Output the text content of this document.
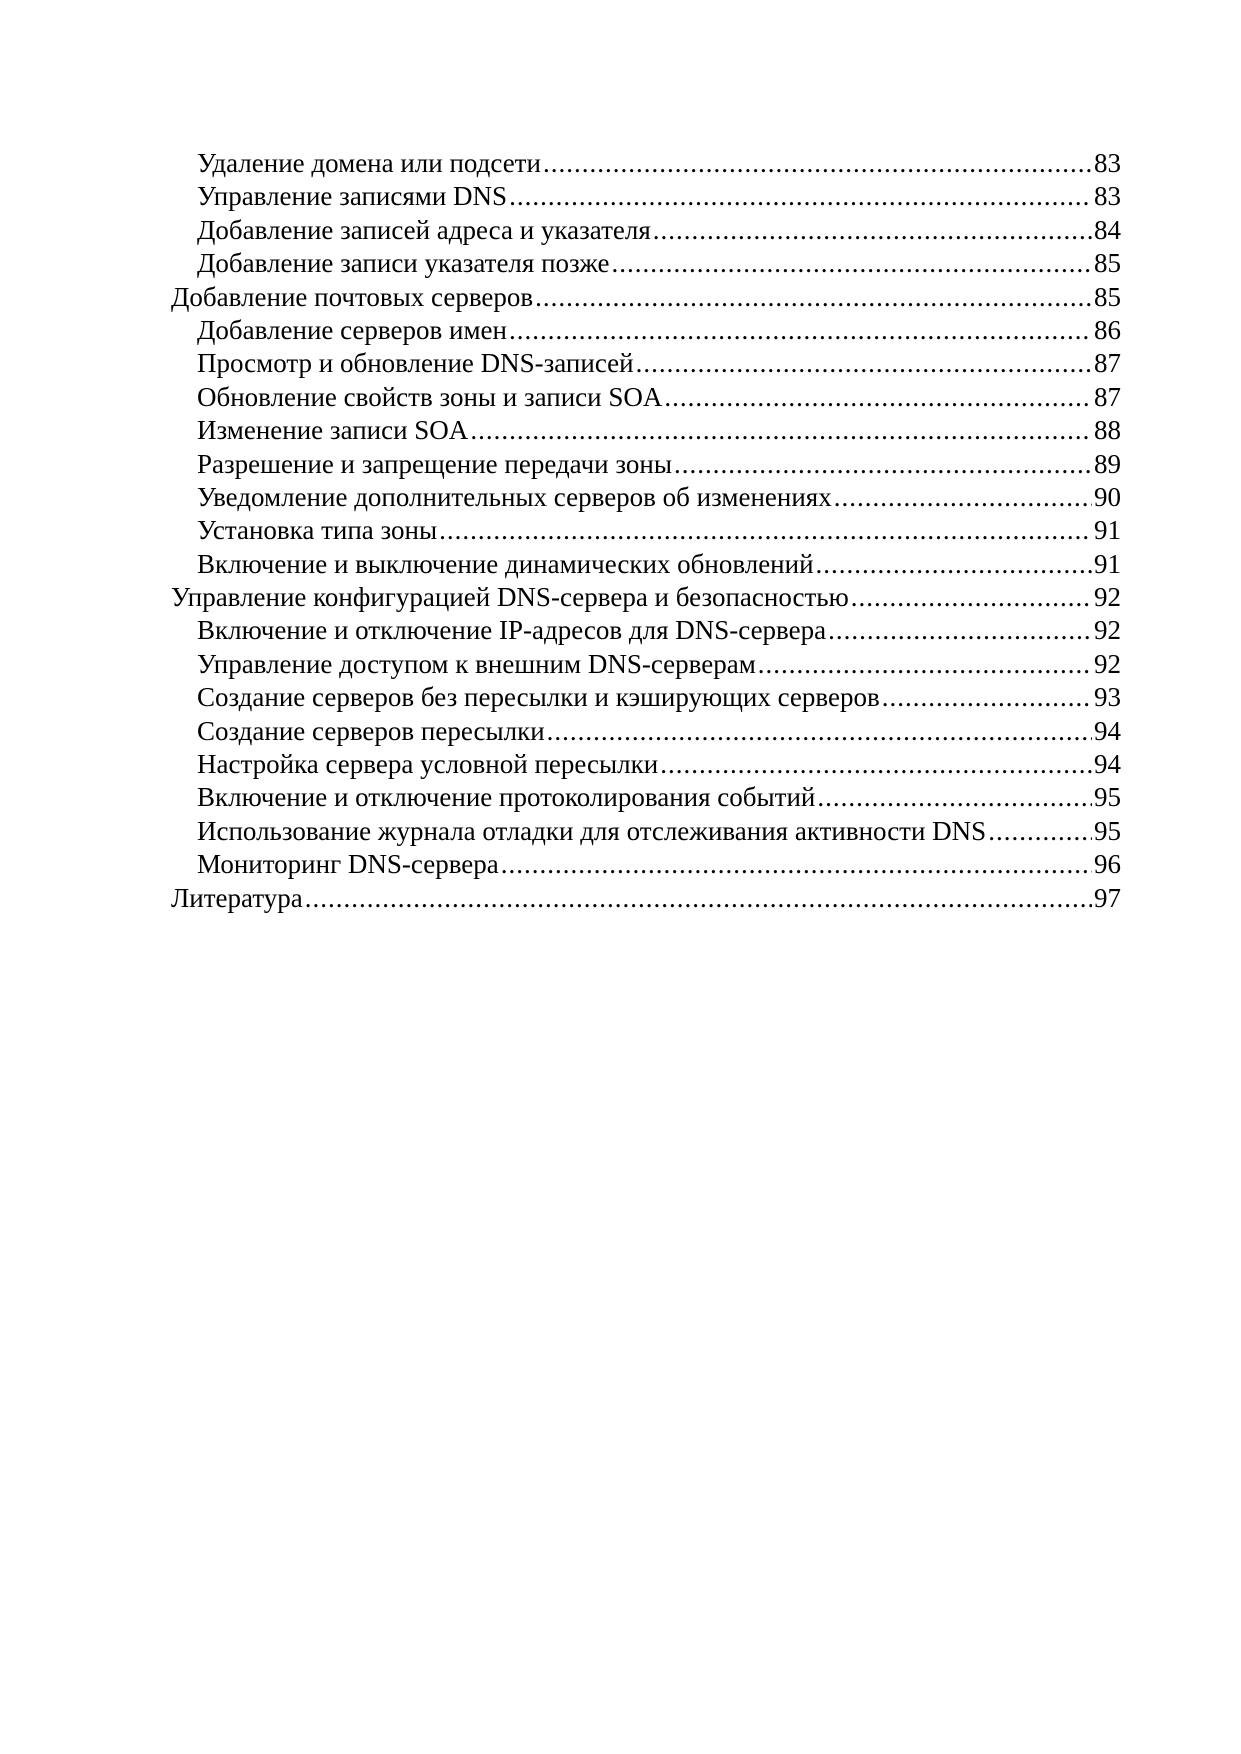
Удаление домена или подсети .....	83
Управление записями DNS .....	83
Добавление записей адреса и указателя .....	84
Добавление записи указателя позже .....	85
Добавление почтовых серверов .....	85
Добавление серверов имен .....	86
Просмотр и обновление DNS-записей .....	87
Обновление свойств зоны и записи SOA .....	87
Изменение записи SOA .....	88
Разрешение и запрещение передачи зоны .....	89
Уведомление дополнительных серверов об изменениях .....	90
Установка типа зоны .....	91
Включение и выключение динамических обновлений .....	91
Управление конфигурацией DNS-сервера и безопасностью .....	92
Включение и отключение IP-адресов для DNS-сервера .....	92
Управление доступом к внешним DNS-серверам .....	92
Создание серверов без пересылки и кэширующих серверов .....	93
Создание серверов пересылки .....	94
Настройка сервера условной пересылки .....	94
Включение и отключение протоколирования событий .....	95
Использование журнала отладки для отслеживания активности DNS .....	95
Мониторинг DNS-сервера .....	96
Литература .....	97
